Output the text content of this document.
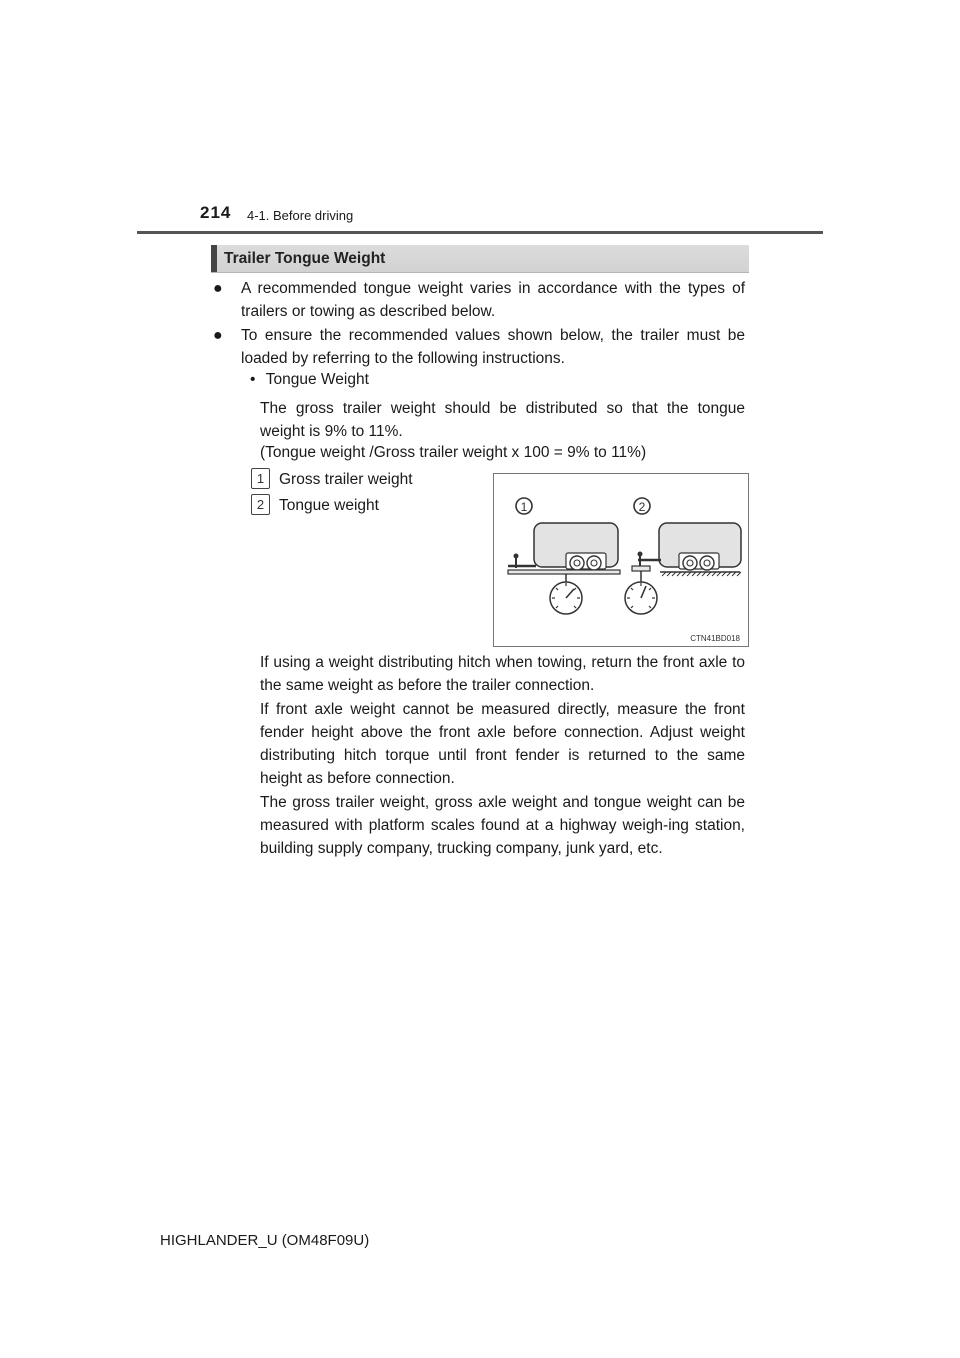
214 4-1. Before driving
Trailer Tongue Weight
● A recommended tongue weight varies in accordance with the types of trailers or towing as described below.
● To ensure the recommended values shown below, the trailer must be loaded by referring to the following instructions.
• Tongue Weight
The gross trailer weight should be distributed so that the tongue weight is 9% to 11%.
(Tongue weight /Gross trailer weight x 100 = 9% to 11%)
1 Gross trailer weight
2 Tongue weight	1	2
CTN41BD018
If using a weight distributing hitch when towing, return the front axle to the same weight as before the trailer connection.
If front axle weight cannot be measured directly, measure the front fender height above the front axle before connection. Adjust weight distributing hitch torque until front fender is returned to the same height as before connection.
The gross trailer weight, gross axle weight and tongue weight can be measured with platform scales found at a highway weigh-ing station, building supply company, trucking company, junk yard, etc.
HIGHLANDER_U (OM48F09U)
